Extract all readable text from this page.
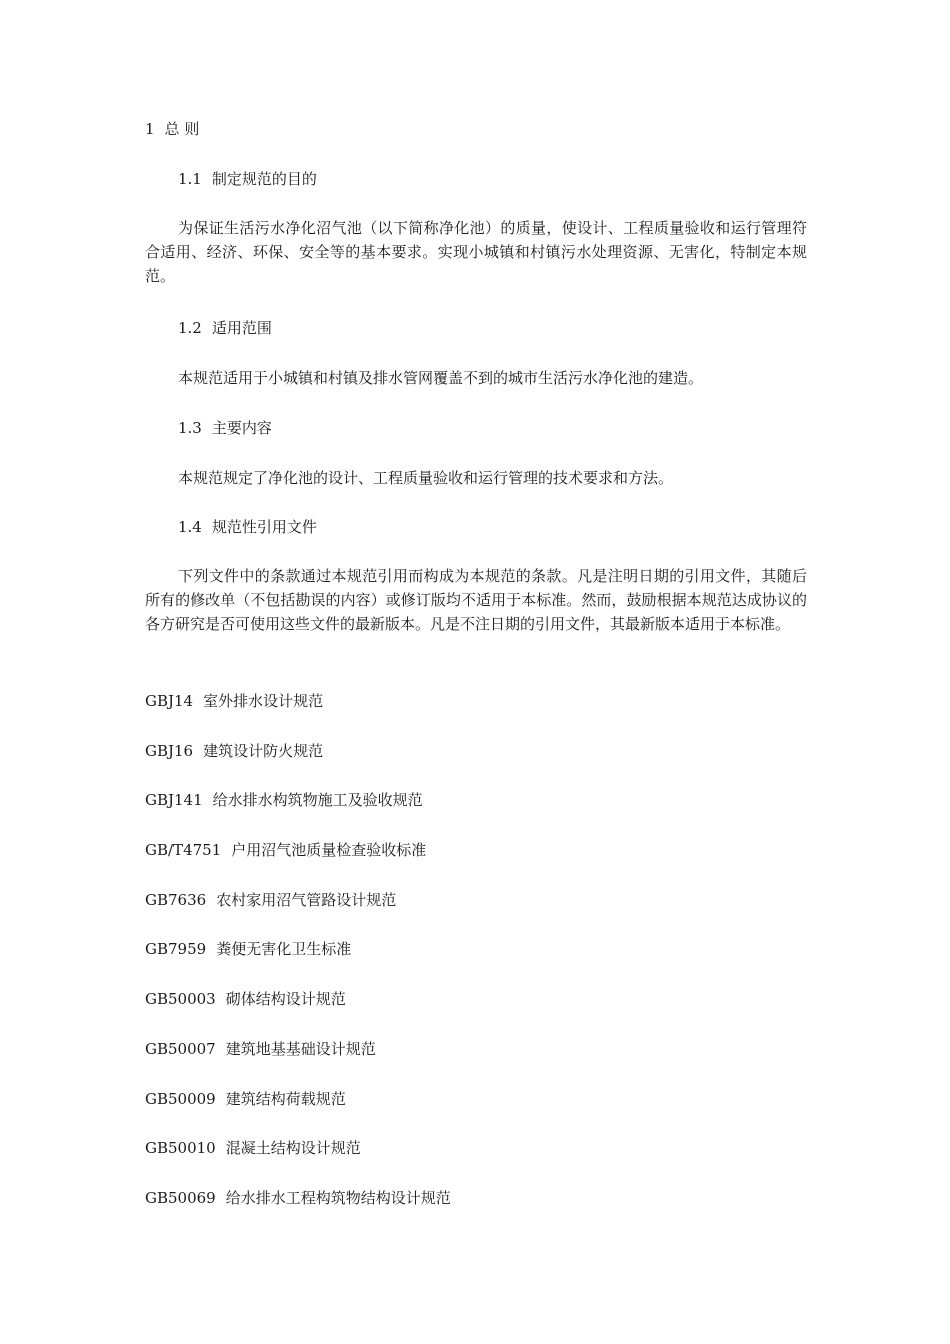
1 总 则
1.1 制定规范的目的
为保证生活污水净化沼气池（以下简称净化池）的质量，使设计、工程质量验收和运行管理符合适用、经济、环保、安全等的基本要求。实现小城镇和村镇污水处理资源、无害化，特制定本规范。
1.2 适用范围
本规范适用于小城镇和村镇及排水管网覆盖不到的城市生活污水净化池的建造。
1.3 主要内容
本规范规定了净化池的设计、工程质量验收和运行管理的技术要求和方法。
1.4 规范性引用文件
下列文件中的条款通过本规范引用而构成为本规范的条款。凡是注明日期的引用文件，其随后所有的修改单（不包括勘误的内容）或修订版均不适用于本标准。然而，鼓励根据本规范达成协议的各方研究是否可使用这些文件的最新版本。凡是不注日期的引用文件，其最新版本适用于本标准。
GBJ14 室外排水设计规范
GBJ16 建筑设计防火规范
GBJ141 给水排水构筑物施工及验收规范
GB/T4751 户用沼气池质量检查验收标准
GB7636 农村家用沼气管路设计规范
GB7959 粪便无害化卫生标准
GB50003 砌体结构设计规范
GB50007 建筑地基基础设计规范
GB50009 建筑结构荷载规范
GB50010 混凝土结构设计规范
GB50069 给水排水工程构筑物结构设计规范
